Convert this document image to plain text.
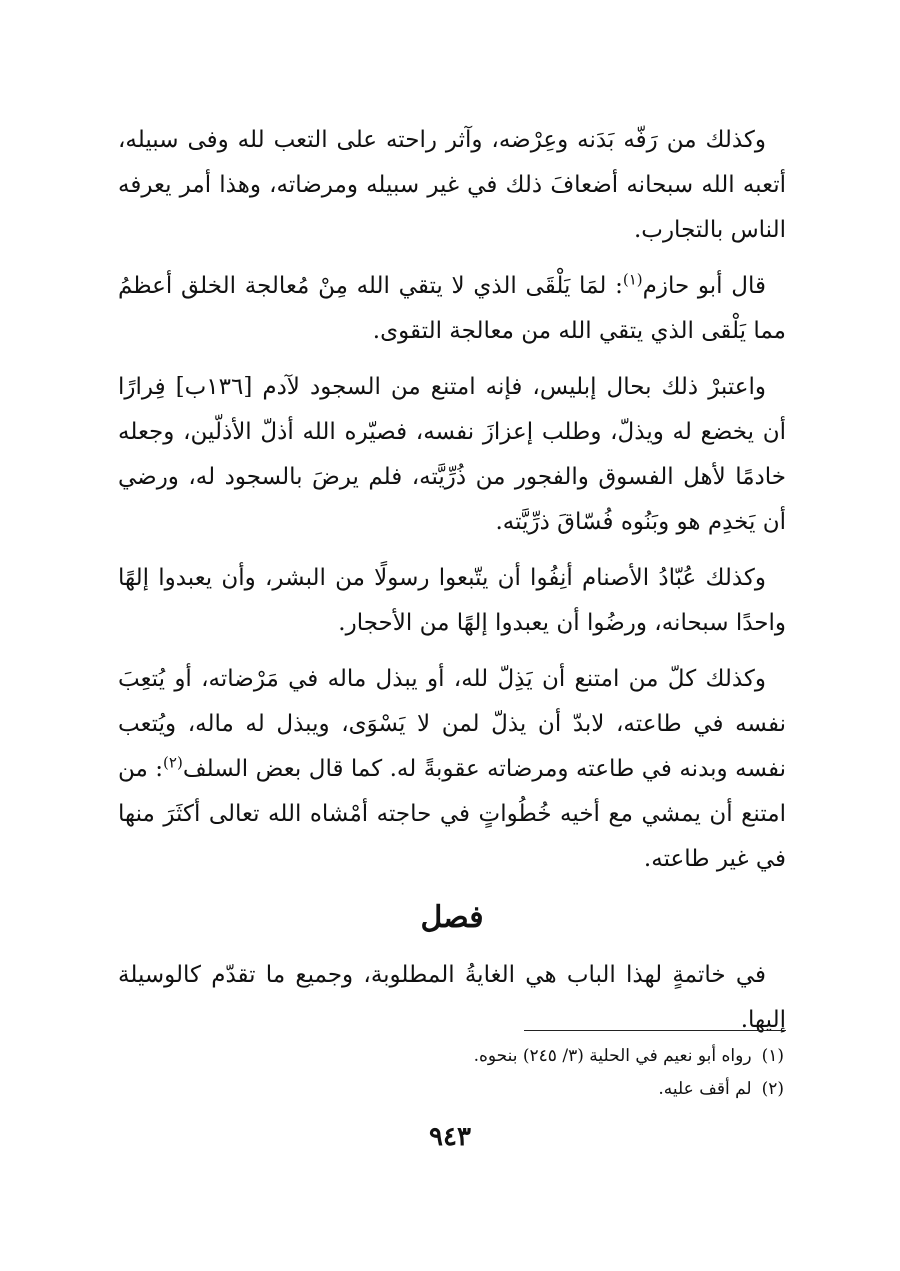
وكذلك من رَفّه بَدَنه وعِرْضه، وآثر راحته على التعب لله وفى سبيله، أتعبه الله سبحانه أضعافَ ذلك في غير سبيله ومرضاته، وهذا أمر يعرفه الناس بالتجارب.

قال أبو حازم$^{(١)}$: لمَا يَلْقَى الذي لا يتقي الله مِنْ مُعالجة الخلق أعظمُ مما يَلْقى الذي يتقي الله من معالجة التقوى.

واعتبرْ ذلك بحال إبليس، فإنه امتنع من السجود لآدم [١٣٦ب] فِرارًا أن يخضع له ويذلّ، وطلب إعزازَ نفسه، فصيّره الله أذلّ الأذلّين، وجعله خادمًا لأهل الفسوق والفجور من ذُرِّيَّته، فلم يرضَ بالسجود له، ورضي أن يَخدِم هو وبَنُوه فُسّاقَ ذرِّيَّته.

وكذلك عُبّادُ الأصنام أنِفُوا أن يتّبعوا رسولًا من البشر، وأن يعبدوا إلهًا واحدًا سبحانه، ورضُوا أن يعبدوا إلهًا من الأحجار.

وكذلك كلّ من امتنع أن يَذِلّ لله، أو يبذل ماله في مَرْضاته، أو يُتعِبَ نفسه في طاعته، لابدّ أن يذلّ لمن لا يَسْوَى، ويبذل له ماله، ويُتعب نفسه وبدنه في طاعته ومرضاته عقوبةً له. كما قال بعض السلف$^{(٢)}$: من امتنع أن يمشي مع أخيه خُطُواتٍ في حاجته أمْشاه الله تعالى أكثَرَ منها في غير طاعته.

فصل

في خاتمةٍ لهذا الباب هي الغايةُ المطلوبة، وجميع ما تقدّم كالوسيلة إليها.

(١)رواه أبو نعيم في الحلية (٣/ ٢٤٥) بنحوه.
(٢)لم أقف عليه.
٩٤٣
